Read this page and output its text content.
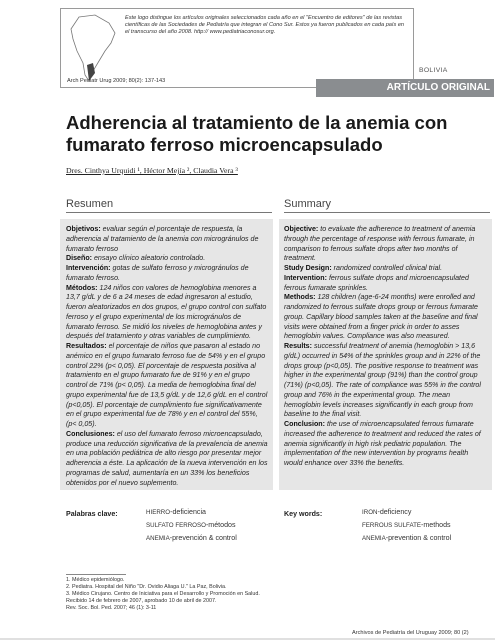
Este logo distingue los artículos originales seleccionados cada año en el "Encuentro de editores" de las revistas científicas de las Sociedades de Pediatría que integran el Cono Sur. Estos ya fueron publicados en cada país en el transcurso del año 2008. http:// www.pediatriaconosur.org.

Arch Pediatr Urug 2009; 80(2): 137-143

BOLIVIA
ARTÍCULO ORIGINAL
Adherencia al tratamiento de la anemia con fumarato ferroso microencapsulado
Dres. Cinthya Urquidi ¹, Héctor Mejía ², Claudia Vera ³
Resumen	Summary

Objetivos: evaluar según el porcentaje de respuesta, la adherencia al tratamiento de la anemia con microgránulos de fumarato ferroso

Diseño: ensayo clínico aleatorio controlado.

Intervención: gotas de sulfato ferroso y microgránulos de fumarato ferroso.

Métodos: 124 niños con valores de hemoglobina menores a 13,7 g/dL y de 6 a 24 meses de edad ingresaron al estudio, fueron aleatorizados en dos grupos, el grupo control con sulfato ferroso y el grupo experimental de los microgránulos de fumarato ferroso. Se midió los niveles de hemoglobina antes y después del tratamiento y otras variables de cumplimiento.

Resultados: el porcentaje de niños que pasaron al estado no anémico en el grupo fumarato ferroso fue de 54% y en el grupo control 22% (p< 0,05). El porcentaje de respuesta positiva al tratamiento en el grupo fumarato fue de 91% y en el grupo control de 71% (p< 0,05). La media de hemoglobina final del grupo experimental fue de 13,5 g/dL y de 12,6 g/dL en el control (p<0,05). El porcentaje de cumplimiento fue significativamente en el grupo experimental fue de 78% y en el control del 55%, (p< 0,05).

Conclusiones: el uso del fumarato ferroso microencapsulado, produce una reducción significativa de la prevalencia de anemia en una población pediátrica de alto riesgo por presentar mejor adherencia a éste. La aplicación de la nueva intervención en los programas de salud, aumentaría en un 33% los beneficios obtenidos por el nuevo suplemento.

Objective: to evaluate the adherence to treatment of anemia through the percentage of response with ferrous fumarate, in comparison to ferrous sulfate drops after two months of treatment.

Study Design: randomized controlled clinical trial.

Intervention: ferrous sulfate drops and microencapsulated ferrous fumarate sprinkles.

Methods: 128 children (age-6-24 months) were enrolled and randomized to ferrous sulfate drops group or ferrous fumarate group. Capillary blood samples taken at the baseline and final visits were obtained from a finger prick in order to asses hemoglobin values. Compliance was also measured.

Results: successful treatment of anemia (hemoglobin > 13,6 g/dL) occurred in 54% of the sprinkles group and in 22% of the drops group (p<0,05). The positive response to treatment was higher in the experimental group (91%) than the control group (71%) (p<0,05). The rate of compliance was 55% in the control group and 76% in the experimental group. The mean hemoglobin levels increases significantly in each group from baseline to the final visit.

Conclusion: the use of microencapsulated ferrous fumarate increased the adherence to treatment and reduced the rates of anemia significantly in high risk pediatric population. The implementation of the new intervention by programs health would enhance over 33% the benefits.

Palabras clave:	HIERRO-deficiencia
SULFATO FERROSO-métodos
ANEMIA-prevención & control
Key words:	IRON-deficiency
FERROUS SULFATE-methods
ANEMIA-prevention & control

1. Médico epidemiólogo.

2. Pediatra. Hospital del Niño "Dr. Ovidio Aliaga U." La Paz, Bolivia.

3. Médico Cirujano. Centro de Iniciativa para el Desarrollo y Promoción en Salud.

Recibido 14 de febrero de 2007, aprobado 10 de abril de 2007.

Rev. Soc. Bol. Ped. 2007; 46 (1): 3-11

Archivos de Pediatría del Uruguay 2009; 80 (2)
